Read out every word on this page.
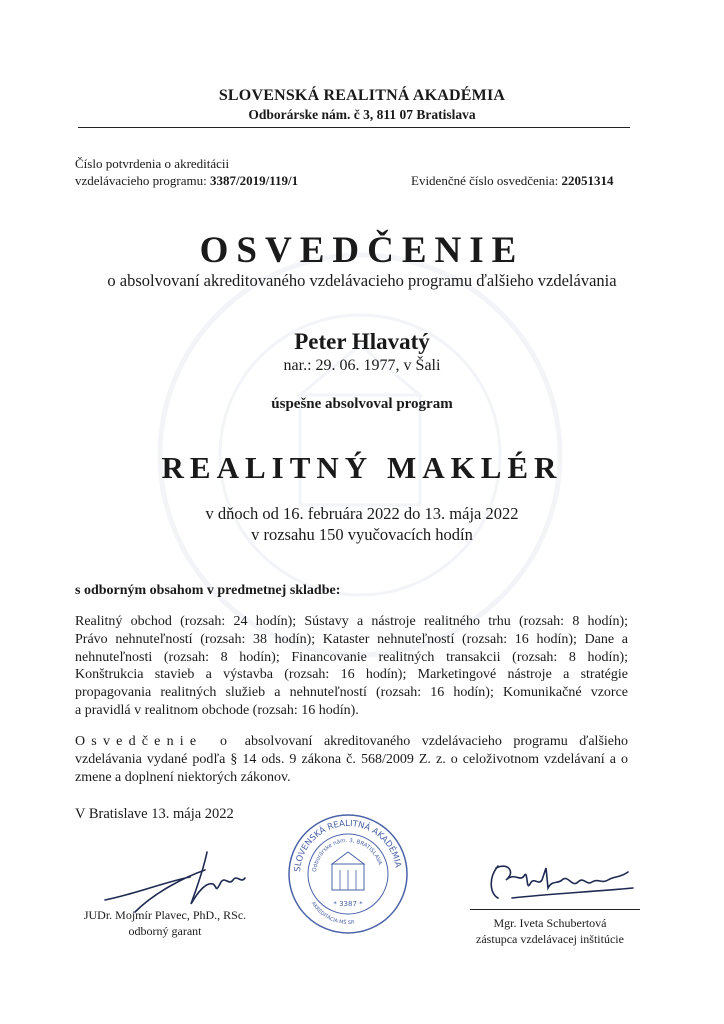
SLOVENSKÁ REALITNÁ AKADÉMIA
Odborárske nám. č 3, 811 07 Bratislava
Číslo potvrdenia o akreditácii
vzdelávacieho programu: 3387/2019/119/1	Evidenčné číslo osvedčenia: 22051314
OSVEDČENIE
o absolvovaní akreditovaného vzdelávacieho programu ďalšieho vzdelávania
Peter Hlavatý
nar.: 29. 06. 1977, v Šali
úspešne absolvoval program
REALITNÝ MAKLÉR
v dňoch od 16. februára 2022 do 13. mája 2022
v rozsahu 150 vyučovacích hodín
s odborným obsahom v predmetnej skladbe:
Realitný obchod (rozsah: 24 hodín); Sústavy a nástroje realitného trhu (rozsah: 8 hodín);
Právo nehnuteľností (rozsah: 38 hodín); Kataster nehnuteľností (rozsah: 16 hodín); Dane a
nehnuteľnosti (rozsah: 8 hodín); Financovanie realitných transakcii (rozsah: 8 hodín);
Konštrukcia stavieb a výstavba (rozsah: 16 hodín); Marketingové nástroje a stratégie
propagovania realitných služieb a nehnuteľností (rozsah: 16 hodín); Komunikačné vzorce
a pravidlá v realitnom obchode (rozsah: 16 hodín).
Osvedčenie o absolvovaní akreditovaného vzdelávacieho programu ďalšieho
vzdelávania vydané podľa § 14 ods. 9 zákona č. 568/2009 Z. z. o celoživotnom vzdelávaní a o
zmene a doplnení niektorých zákonov.
V Bratislave 13. mája 2022
JUDr. Mojmír Plavec, PhD., RSc.
odborný garant
SLOVENSKÁ REALITNÁ AKADÉMIA
Odborárske nám. 3, BRATISLAVA
* 3387 *
AKREDITÁCIA MŠ SR	Mgr. Iveta Schubertová
zástupca vzdelávacej inštitúcie
